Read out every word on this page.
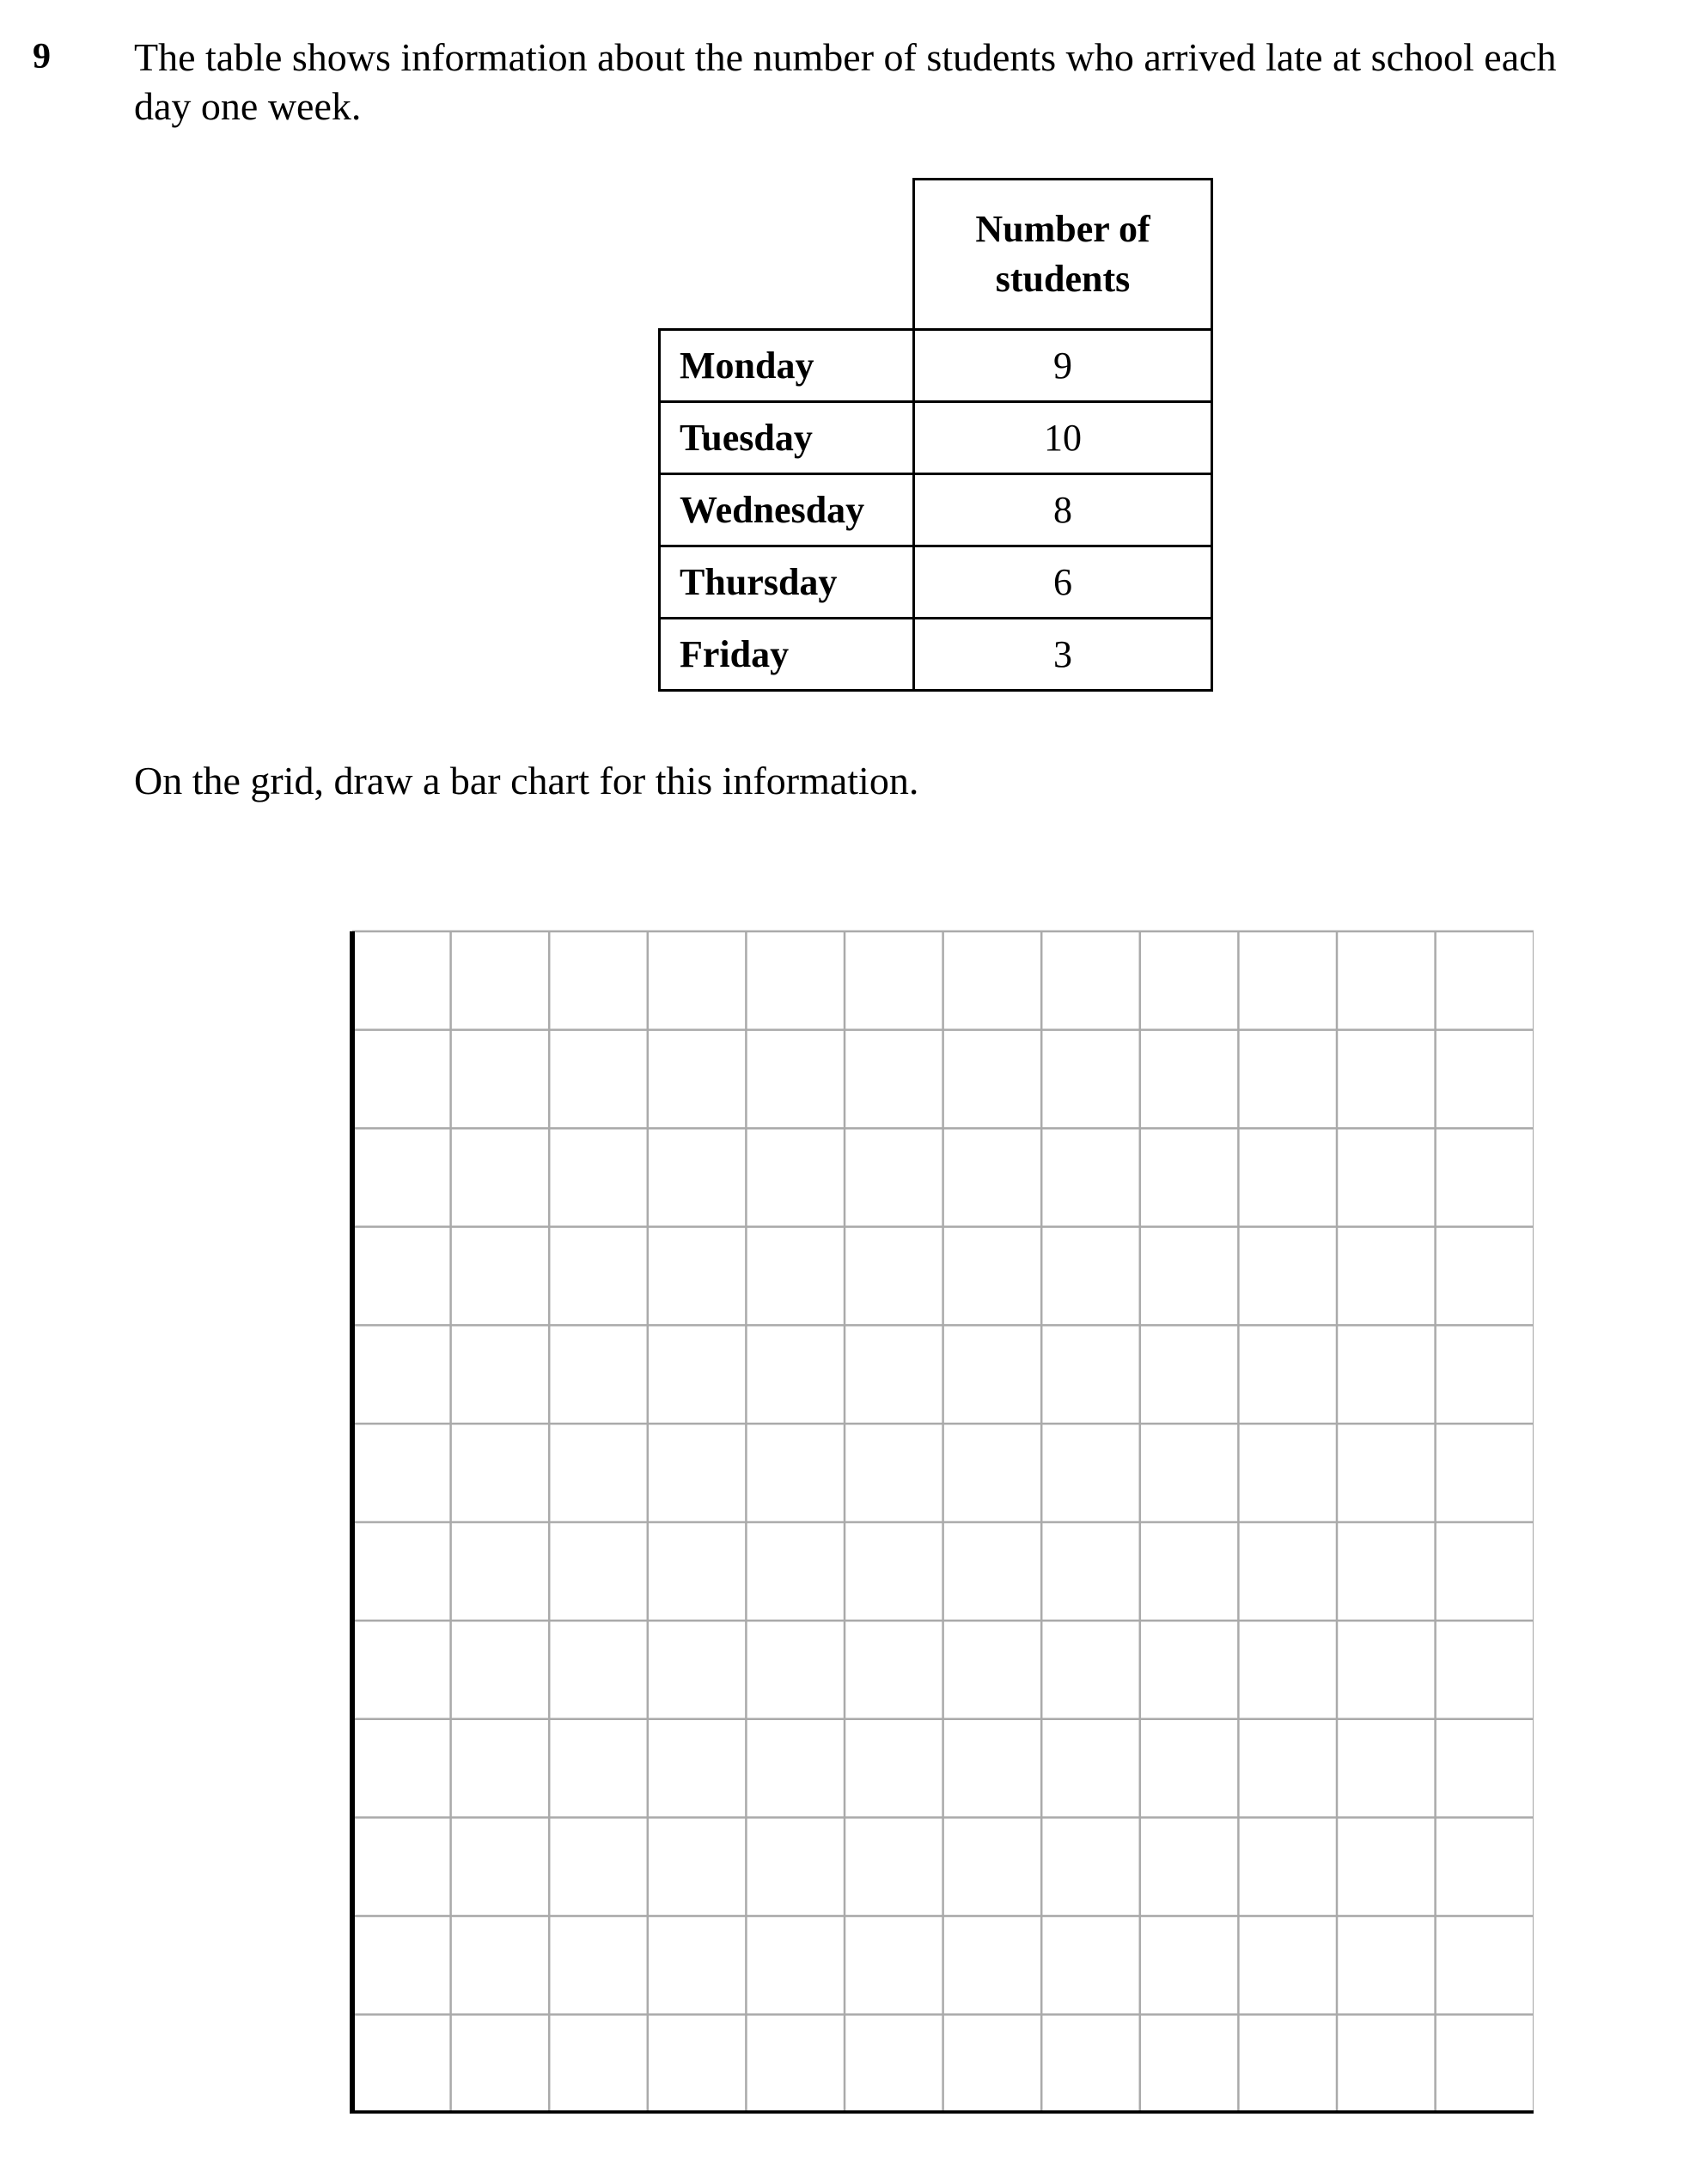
9 The table shows information about the number of students who arrived late at school each
day one week.

	Number of
students

Monday	9
Tuesday	10
Wednesday	8
Thursday	6
Friday	3
On the grid, draw a bar chart for this information.
